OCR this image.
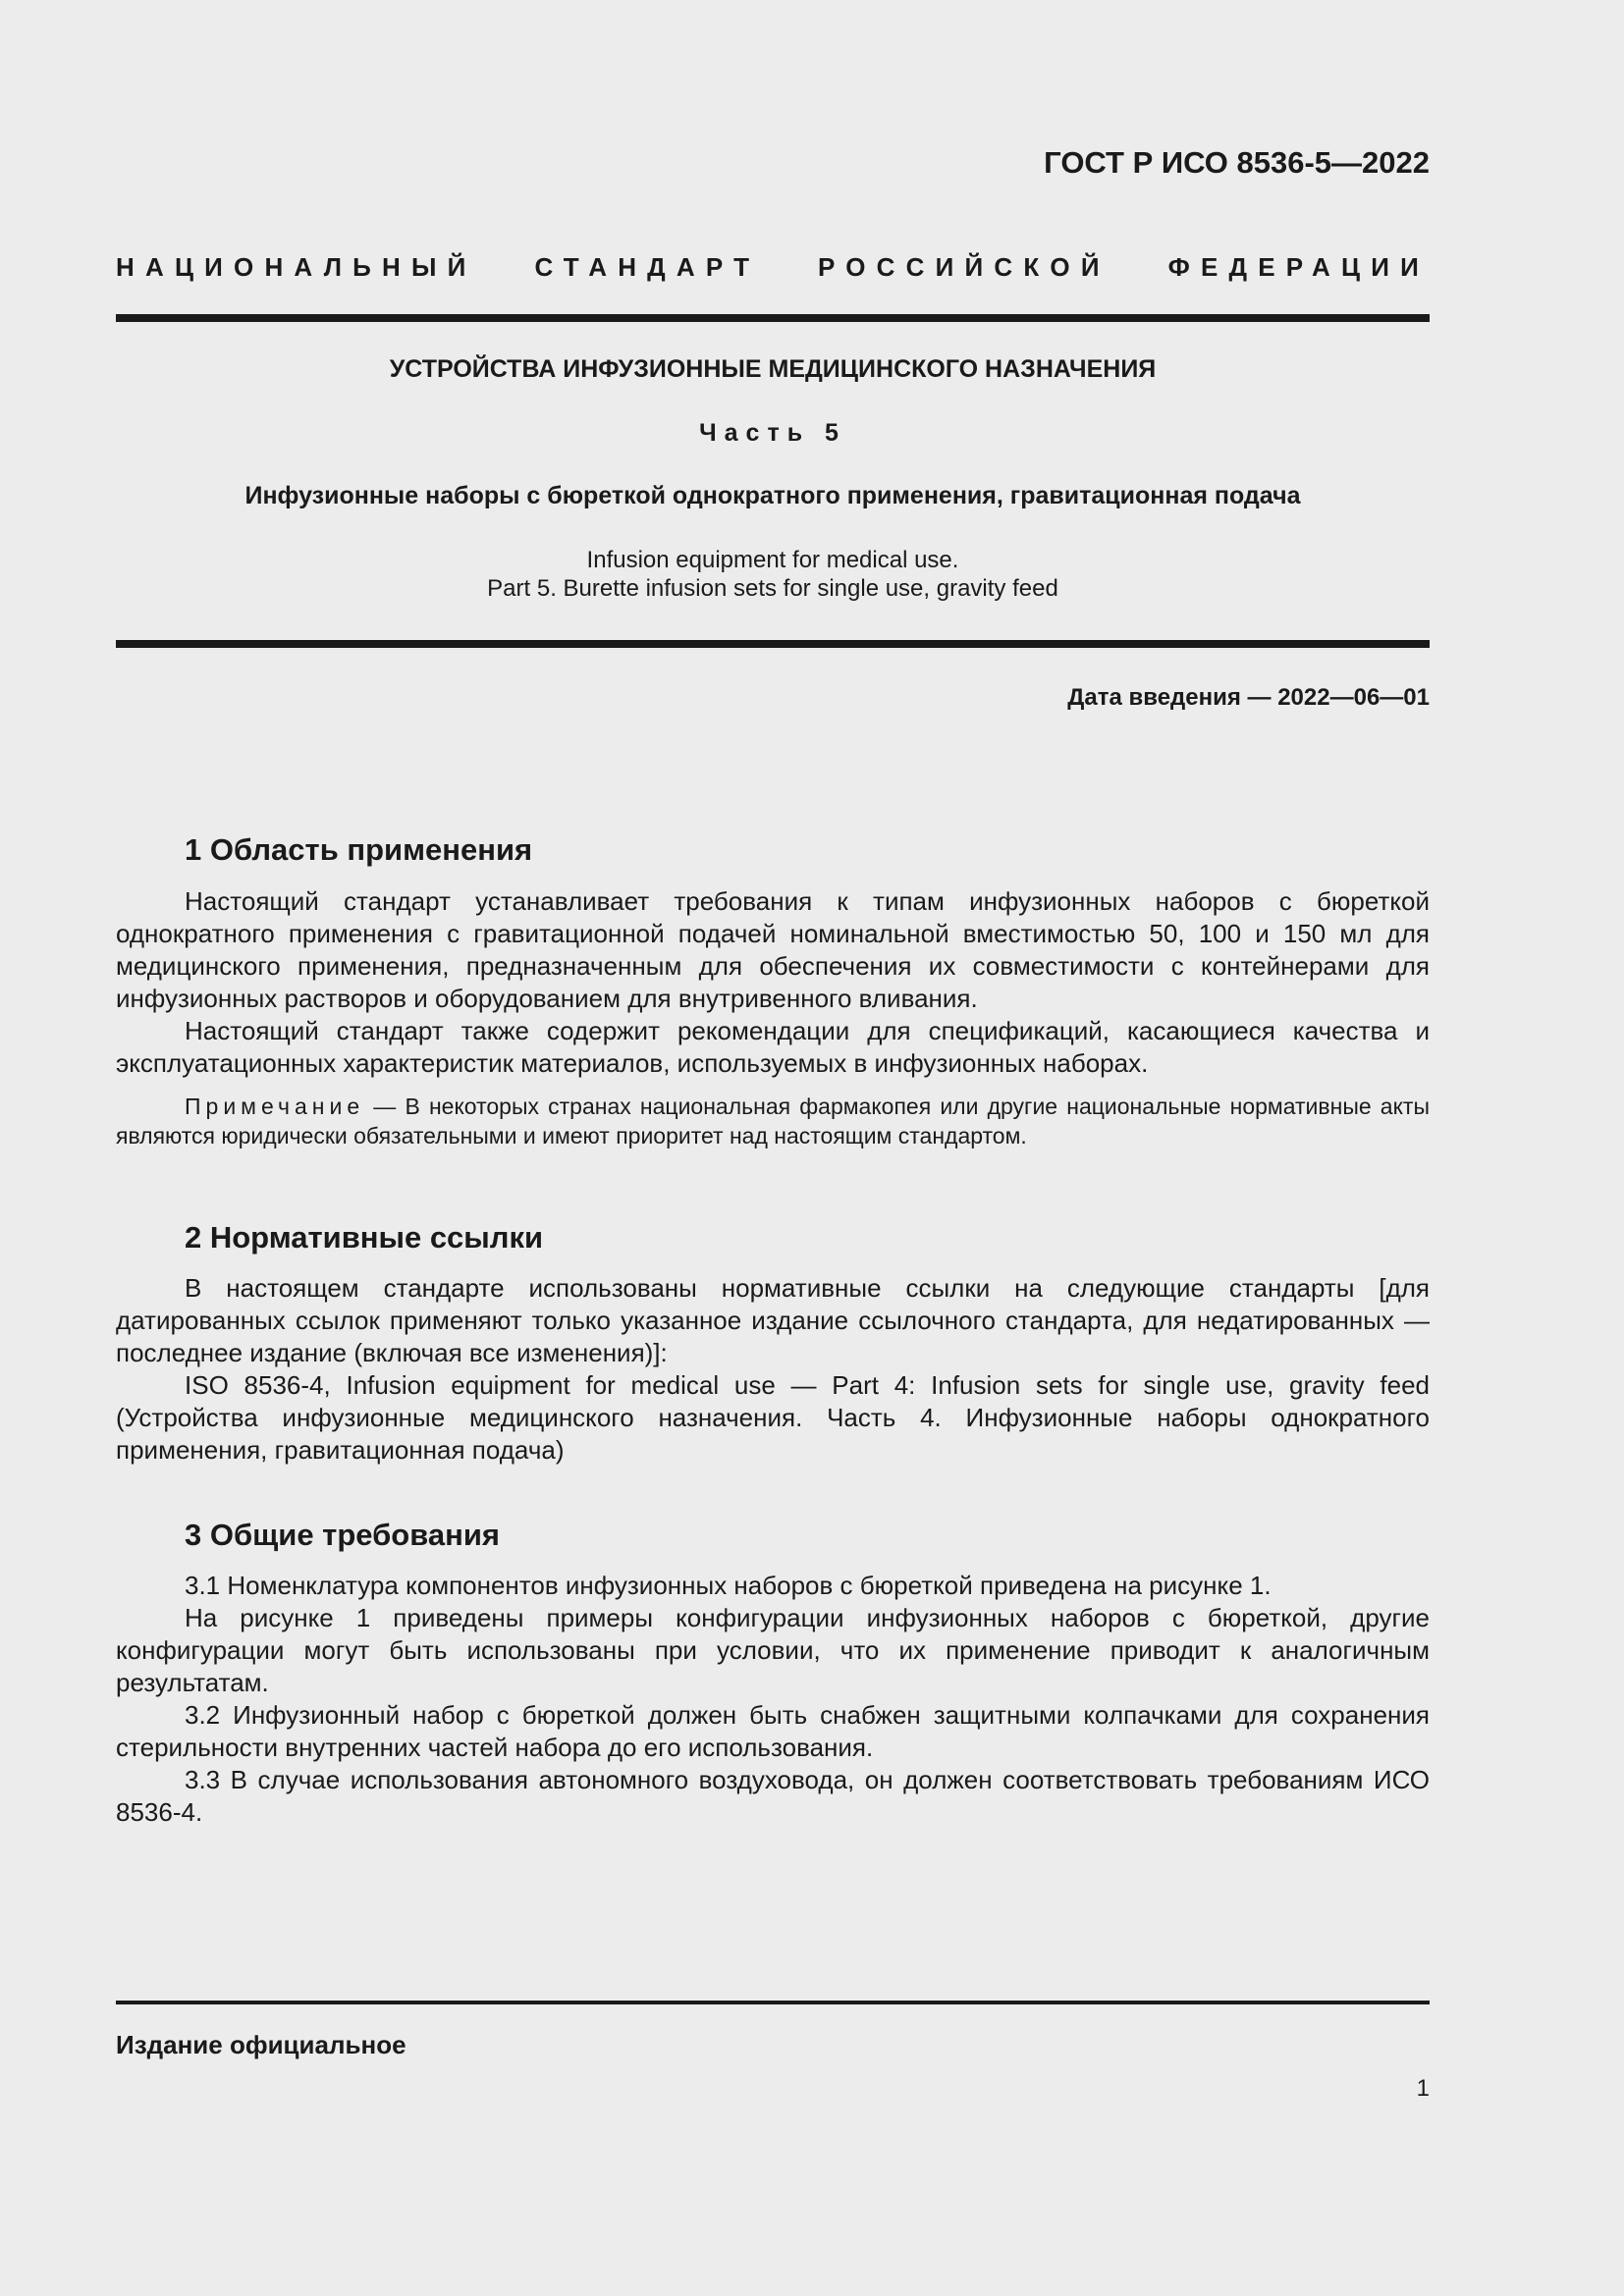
ГОСТ Р ИСО 8536-5—2022
НАЦИОНАЛЬНЫЙ СТАНДАРТ РОССИЙСКОЙ ФЕДЕРАЦИИ
УСТРОЙСТВА ИНФУЗИОННЫЕ МЕДИЦИНСКОГО НАЗНАЧЕНИЯ
Часть 5
Инфузионные наборы с бюреткой однократного применения, гравитационная подача
Infusion equipment for medical use.
Part 5. Burette infusion sets for single use, gravity feed
Дата введения — 2022—06—01
1 Область применения

Настоящий стандарт устанавливает требования к типам инфузионных наборов с бюреткой однократного применения с гравитационной подачей номинальной вместимостью 50, 100 и 150 мл для медицинского применения, предназначенным для обеспечения их совместимости с контейнерами для инфузионных растворов и оборудованием для внутривенного вливания.

Настоящий стандарт также содержит рекомендации для спецификаций, касающиеся качества и эксплуатационных характеристик материалов, используемых в инфузионных наборах.

Примечание — В некоторых странах национальная фармакопея или другие национальные нормативные акты являются юридически обязательными и имеют приоритет над настоящим стандартом.

2 Нормативные ссылки

В настоящем стандарте использованы нормативные ссылки на следующие стандарты [для датированных ссылок применяют только указанное издание ссылочного стандарта, для недатированных — последнее издание (включая все изменения)]:

ISO 8536-4, Infusion equipment for medical use — Part 4: Infusion sets for single use, gravity feed (Устройства инфузионные медицинского назначения. Часть 4. Инфузионные наборы однократного применения, гравитационная подача)

3 Общие требования

3.1 Номенклатура компонентов инфузионных наборов с бюреткой приведена на рисунке 1.

На рисунке 1 приведены примеры конфигурации инфузионных наборов с бюреткой, другие конфигурации могут быть использованы при условии, что их применение приводит к аналогичным результатам.

3.2 Инфузионный набор с бюреткой должен быть снабжен защитными колпачками для сохранения стерильности внутренних частей набора до его использования.

3.3 В случае использования автономного воздуховода, он должен соответствовать требованиям ИСО 8536-4.

Издание официальное
1
